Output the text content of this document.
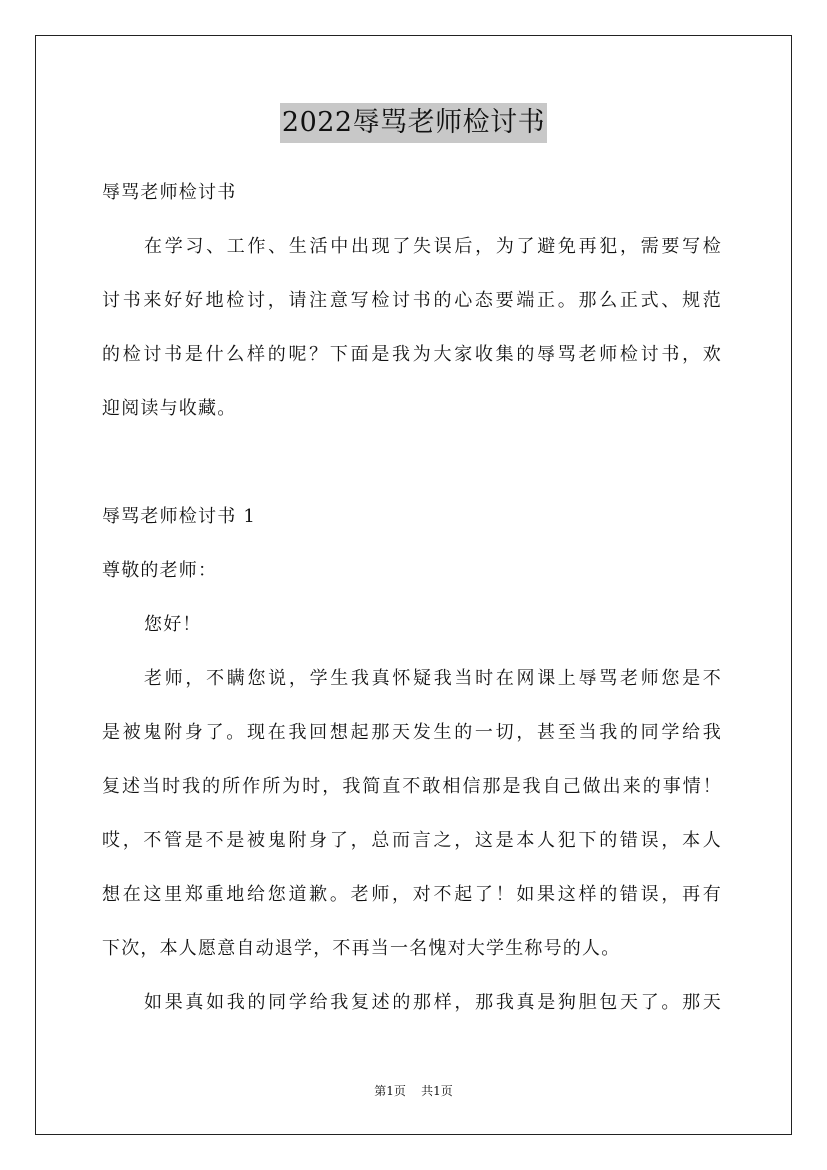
2022辱骂老师检讨书
辱骂老师检讨书
在学习、工作、生活中出现了失误后，为了避免再犯，需要写检
讨书来好好地检讨，请注意写检讨书的心态要端正。那么正式、规范
的检讨书是什么样的呢？下面是我为大家收集的辱骂老师检讨书，欢
迎阅读与收藏。
辱骂老师检讨书 1
尊敬的老师：
您好！
老师，不瞒您说，学生我真怀疑我当时在网课上辱骂老师您是不
是被鬼附身了。现在我回想起那天发生的一切，甚至当我的同学给我
复述当时我的所作所为时，我简直不敢相信那是我自己做出来的事情！
哎，不管是不是被鬼附身了，总而言之，这是本人犯下的错误，本人
想在这里郑重地给您道歉。老师，对不起了！如果这样的错误，再有
下次，本人愿意自动退学，不再当一名愧对大学生称号的人。
如果真如我的同学给我复述的那样，那我真是狗胆包天了。那天
第1页 共1页
